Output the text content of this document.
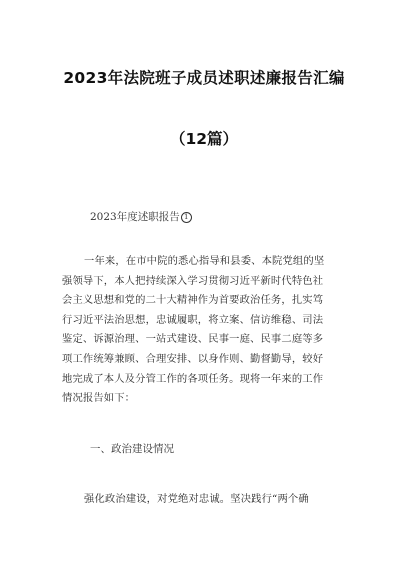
2023年法院班子成员述职述廉报告汇编
（12篇）
2023年度述职报告 1
一年来，在市中院的悉心指导和县委、本院党组的坚
强领导下，本人把持续深入学习贯彻习近平新时代特色社
会主义思想和党的二十大精神作为首要政治任务，扎实笃
行习近平法治思想，忠诚履职，将立案、信访维稳、司法
鉴定、诉源治理、一站式建设、民事一庭、民事二庭等多
项工作统筹兼顾、合理安排、以身作则、勤督勤导，较好
地完成了本人及分管工作的各项任务。现将一年来的工作
情况报告如下：
一、政治建设情况
强化政治建设，对党绝对忠诚。坚决践行“两个确
